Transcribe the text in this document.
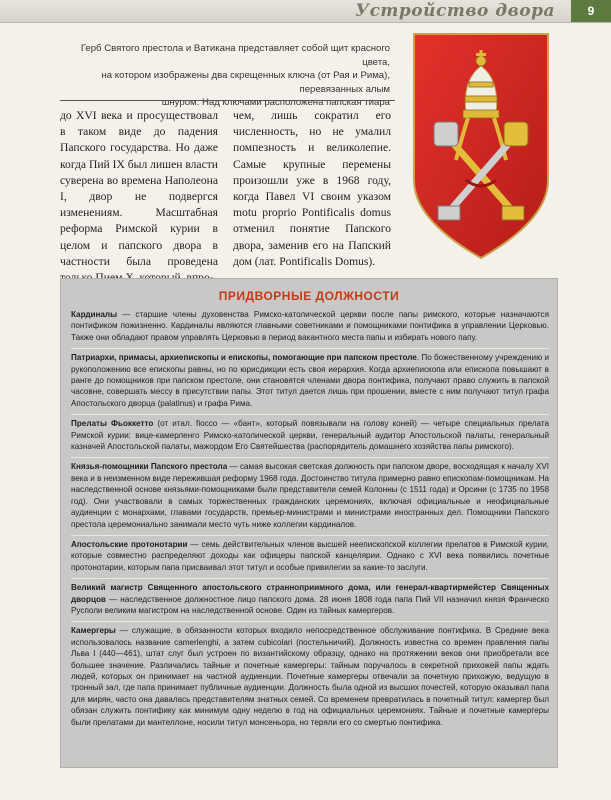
Устройство двора	9
Герб Святого престола и Ватикана представляет собой щит красного цвета,
на котором изображены два скрещенных ключа (от Рая и Рима), перевязанных алым
шнуром. Над ключами расположена папская тиара
до XVI века и просуществовал в таком виде до падения Папского государства. Но даже когда Пий IX был лишен власти суверена во времена Наполеона I, двор не подвергся изменениям. Масштабная реформа Римской курии в целом и папского двора в частности была проведена
чем, лишь сократил его численность, но не умалил помпезность и великолепие. Самые крупные перемены произошли уже в 1968 году, когда Павел VI своим указом motu proprio Pontificalis domus отменил понятие Папского двора, заменив его на Папский дом (лат. Pontificalis Domus).
ПРИДВОРНЫЕ ДОЛЖНОСТИ
Кардиналы — старшие члены духовенства Римско-католической церкви после папы римского, которые назначаются понтификом пожизненно. Кардиналы являются главными советниками и помощниками понтифика в управлении Церковью. Также они обладают правом управлять Церковью в период вакантного места папы и избирать нового папу.
Патриархи, примасы, архиепископы и епископы, помогающие при папском престоле. По божественному учреждению и рукоположению все епископы равны, но по юрисдикции есть своя иерархия. Когда архиепископа или епископа повышают в ранге до помощников при папском престоле, они становятся членами двора понтифика, получают право служить в папской часовне, совершать мессу в присутствии папы. Этот титул дается лишь при прошении, вместе с ним получают титул графа Апостольского дворца (palatinus) и графа Рима.
Прелаты Фьоккетто (от итал. fiocco — «бант», который повязывали на голову коней) — четыре специальных прелата Римской курии: вице-камерленго Римско-католической церкви, генеральный аудитор Апостольской палаты, генеральный казначей Апостольской палаты, мажордом Его Святейшества (распорядитель домашнего хозяйства папы римского).
Князья-помощники Папского престола — самая высокая светская должность при папском дворе, восходящая к началу XVI века и в неизменном виде пережившая реформу 1968 года. Достоинство титула примерно равно епископам-помощникам. На наследственной основе князьями-помощниками были представители семей Колонны (с 1511 года) и Орсини (с 1735 по 1958 год). Они участвовали в самых торжественных гражданских церемониях, включая официальные и неофициальные аудиенции с монархами, главами государств, премьер-министрами и министрами иностранных дел. Помощники Папского престола церемониально занимали место чуть ниже коллегии кардиналов.
Апостольские протонотарии — семь действительных членов высшей неепископской коллегии прелатов в Римской курии, которые совместно распределяют доходы как офицеры папской канцелярии. Однако с XVI века появились почетные протонотарии, которым папа присваивал этот титул и особые привилегии за какие-то заслуги.
Великий магистр Священного апостольского странноприимного дома, или генерал-квартирмейстер Священных дворцов — наследственное должностное лицо папского дома. 28 июня 1808 года папа Пий VII назначил князя Франческо Русполи великим магистром на наследственной основе. Один из тайных камергеров.
Камергеры — служащие, в обязанности которых входило непосредственное обслуживание понтифика. В Средние века использовалось название camerlenghi, а затем cubicolari (постельничий). Должность известна со времен правления папы Льва I (440—461), штат слуг был устроен по византийскому образцу, однако на протяжении веков они приобретали все большее значение. Различались тайные и почетные камергеры: тайным поручалось в секретной прихожей папы ждать людей, которых он принимает на частной аудиенции. Почетные камергеры отвечали за почетную прихожую, ведущую в тронный зал, где папа принимает публичные аудиенции. Должность была одной из высших почестей, которую оказывал папа для мирян, часто она давалась представителям знатных семей. Со временем превратилась в почетный титул: камергер был обязан служить понтифику как минимум одну неделю в год на официальных церемониях. Тайные и почетные камергеры были прелатами ди мантеллоне, носили титул монсеньора, но теряли его со смертью понтифика.
